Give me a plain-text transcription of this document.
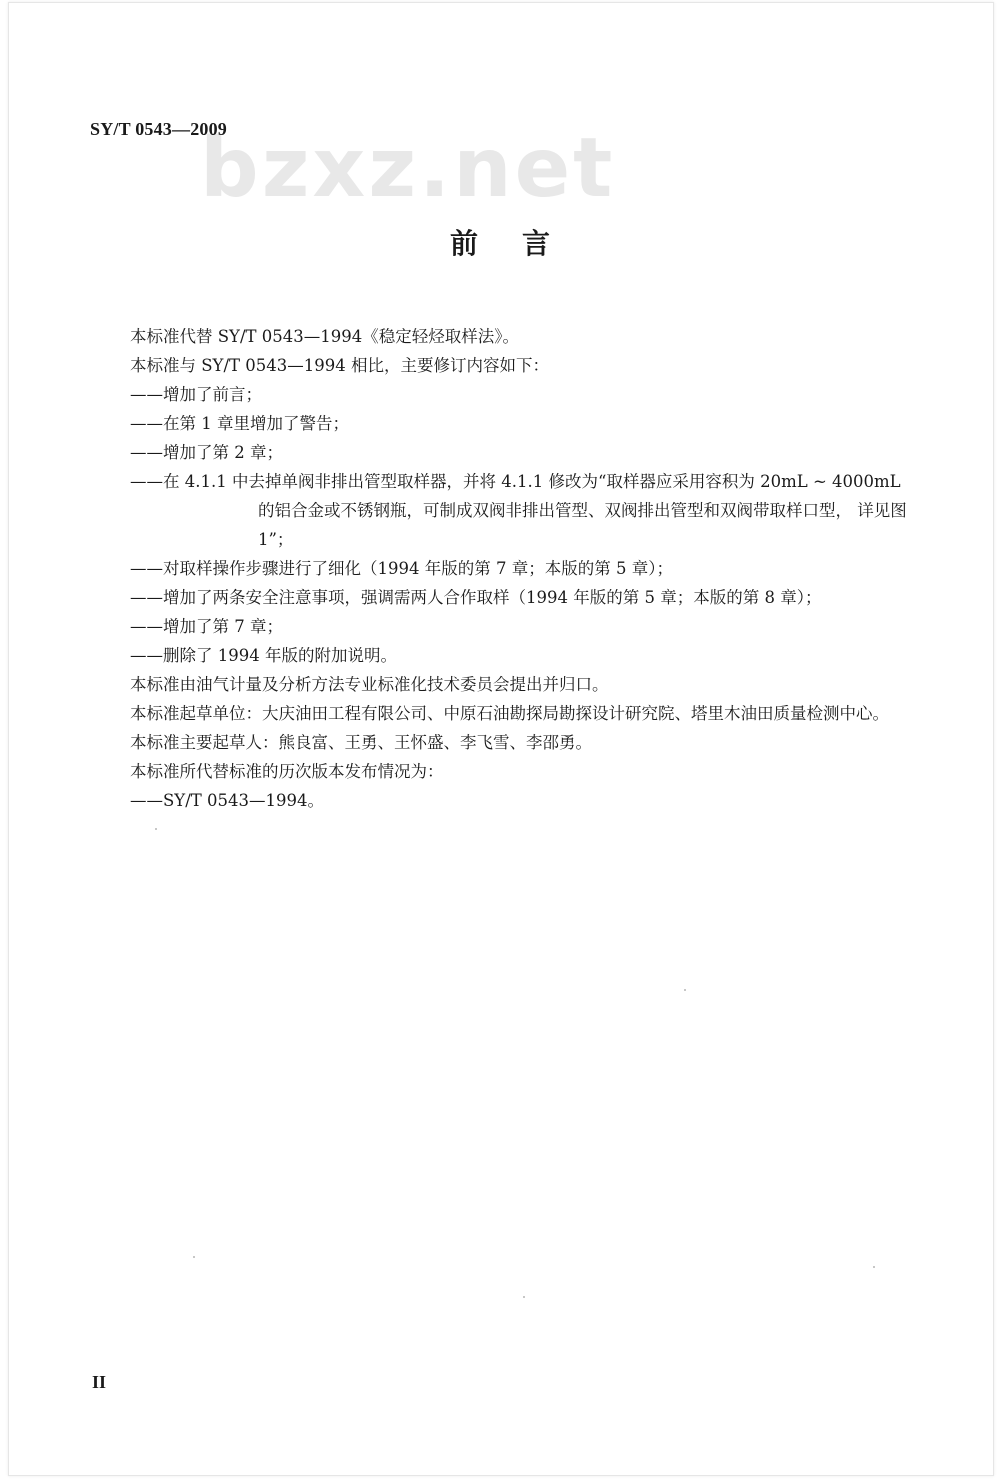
bzxz.net
SY/T 0543—2009
前言

本标准代替 SY/T 0543—1994《稳定轻烃取样法》。

本标准与 SY/T 0543—1994 相比，主要修订内容如下：

——增加了前言；

——在第 1 章里增加了警告；

——增加了第 2 章；

——在 4.1.1 中去掉单阀非排出管型取样器，并将 4.1.1 修改为“取样器应采用容积为 20mL ~ 4000mL 的铝合金或不锈钢瓶，可制成双阀非排出管型、双阀排出管型和双阀带取样口型， 详见图 1”；

——对取样操作步骤进行了细化（1994 年版的第 7 章；本版的第 5 章）；

——增加了两条安全注意事项，强调需两人合作取样（1994 年版的第 5 章；本版的第 8 章）；

——增加了第 7 章；

——删除了 1994 年版的附加说明。

本标准由油气计量及分析方法专业标准化技术委员会提出并归口。

本标准起草单位：大庆油田工程有限公司、中原石油勘探局勘探设计研究院、塔里木油田质量检测中心。

本标准主要起草人：熊良富、王勇、王怀盛、李飞雪、李邵勇。

本标准所代替标准的历次版本发布情况为：

——SY/T 0543—1994。

II
